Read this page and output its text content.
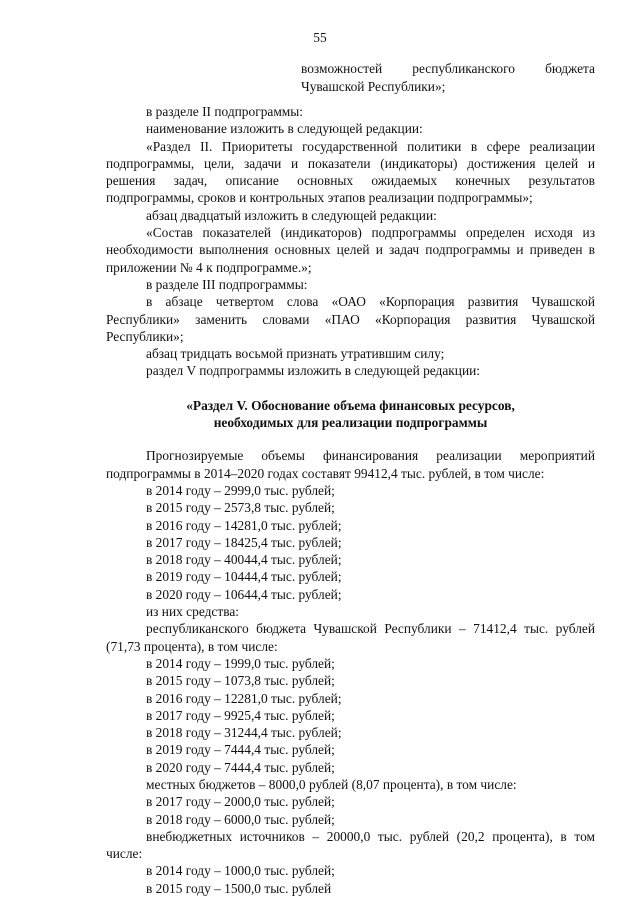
55
возможностей республиканского бюджета Чувашской Республики»;

в разделе II подпрограммы:

наименование изложить в следующей редакции:

«Раздел II. Приоритеты государственной политики в сфере реализации подпрограммы, цели, задачи и показатели (индикаторы) достижения целей и решения задач, описание основных ожидаемых конечных результатов подпрограммы, сроков и контрольных этапов реализации подпрограммы»;

абзац двадцатый изложить в следующей редакции:

«Состав показателей (индикаторов) подпрограммы определен исходя из необходимости выполнения основных целей и задач подпрограммы и приведен в приложении № 4 к подпрограмме.»;

в разделе III подпрограммы:

в абзаце четвертом слова «ОАО «Корпорация развития Чувашской Республики» заменить словами «ПАО «Корпорация развития Чувашской Республики»;

абзац тридцать восьмой признать утратившим силу;

раздел V подпрограммы изложить в следующей редакции:

«Раздел V. Обоснование объема финансовых ресурсов,
необходимых для реализации подпрограммы

Прогнозируемые объемы финансирования реализации мероприятий подпрограммы в 2014–2020 годах составят 99412,4 тыс. рублей, в том числе:

в 2014 году – 2999,0 тыс. рублей;

в 2015 году – 2573,8 тыс. рублей;

в 2016 году – 14281,0 тыс. рублей;

в 2017 году – 18425,4 тыс. рублей;

в 2018 году – 40044,4 тыс. рублей;

в 2019 году – 10444,4 тыс. рублей;

в 2020 году – 10644,4 тыс. рублей;

из них средства:

республиканского бюджета Чувашской Республики – 71412,4 тыс. рублей (71,73 процента), в том числе:

в 2014 году – 1999,0 тыс. рублей;

в 2015 году – 1073,8 тыс. рублей;

в 2016 году – 12281,0 тыс. рублей;

в 2017 году – 9925,4 тыс. рублей;

в 2018 году – 31244,4 тыс. рублей;

в 2019 году – 7444,4 тыс. рублей;

в 2020 году – 7444,4 тыс. рублей;

местных бюджетов – 8000,0 рублей (8,07 процента), в том числе:

в 2017 году – 2000,0 тыс. рублей;

в 2018 году – 6000,0 тыс. рублей;

внебюджетных источников – 20000,0 тыс. рублей (20,2 процента), в том числе:

в 2014 году – 1000,0 тыс. рублей;

в 2015 году – 1500,0 тыс. рублей
